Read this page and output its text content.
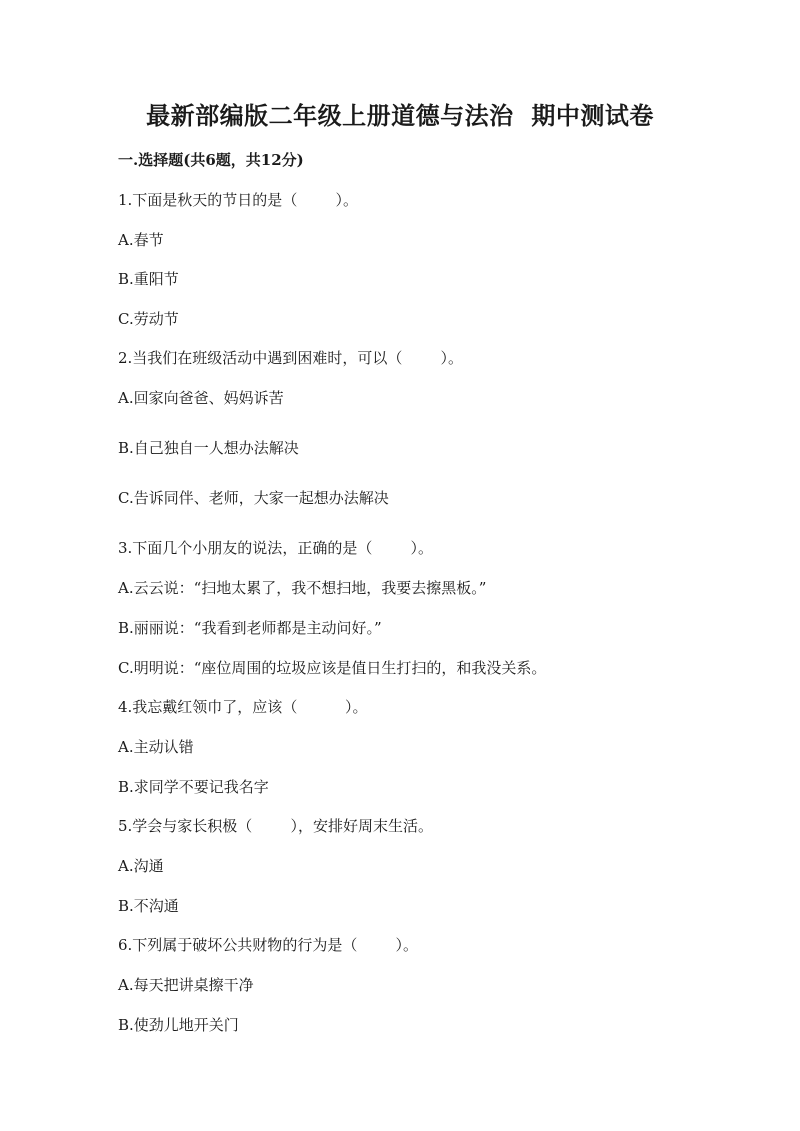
最新部编版二年级上册道德与法治  期中测试卷
一.选择题(共6题，共12分)
1.下面是秋天的节日的是（        ）。
A.春节
B.重阳节
C.劳动节
2.当我们在班级活动中遇到困难时，可以（        ）。
A.回家向爸爸、妈妈诉苦
B.自己独自一人想办法解决
C.告诉同伴、老师，大家一起想办法解决
3.下面几个小朋友的说法，正确的是（        ）。
A.云云说：“扫地太累了，我不想扫地，我要去擦黑板。”
B.丽丽说：“我看到老师都是主动问好。”
C.明明说：“座位周围的垃圾应该是值日生打扫的，和我没关系。
4.我忘戴红领巾了，应该（          ）。
A.主动认错
B.求同学不要记我名字
5.学会与家长积极（        ），安排好周末生活。
A.沟通
B.不沟通
6.下列属于破坏公共财物的行为是（        ）。
A.每天把讲桌擦干净
B.使劲儿地开关门
